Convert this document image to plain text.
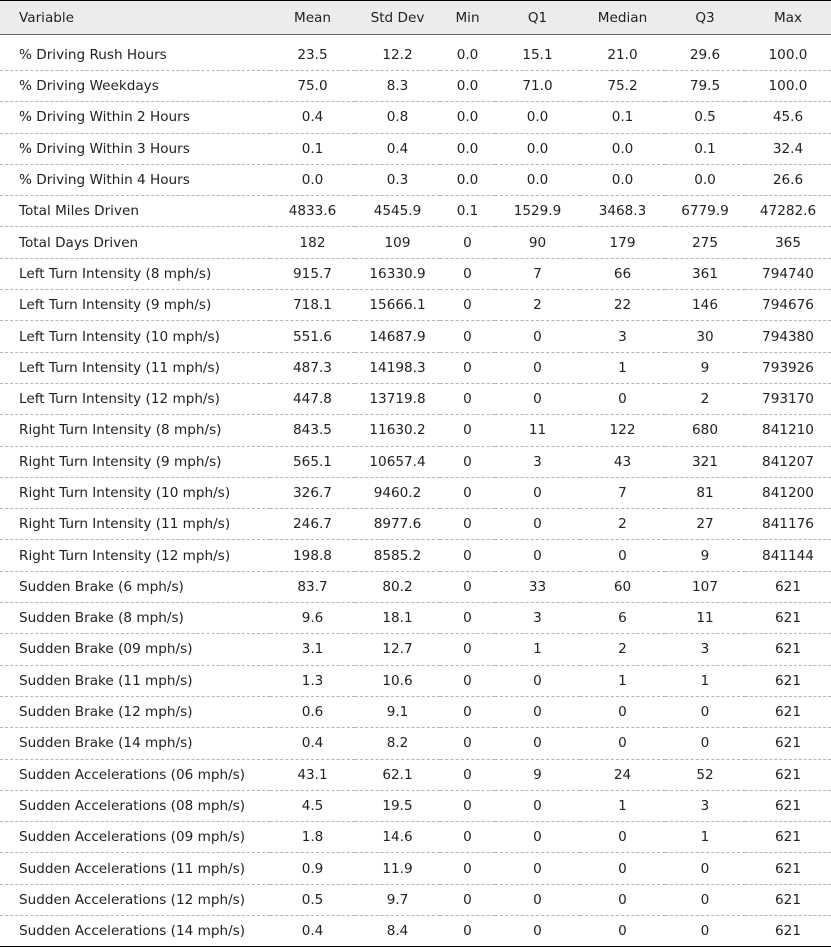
Variable	Mean	Std Dev	Min	Q1	Median	Q3	Max
% Driving Rush Hours	23.5	12.2	0.0	15.1	21.0	29.6	100.0
% Driving Weekdays	75.0	8.3	0.0	71.0	75.2	79.5	100.0
% Driving Within 2 Hours	0.4	0.8	0.0	0.0	0.1	0.5	45.6
% Driving Within 3 Hours	0.1	0.4	0.0	0.0	0.0	0.1	32.4
% Driving Within 4 Hours	0.0	0.3	0.0	0.0	0.0	0.0	26.6
Total Miles Driven	4833.6	4545.9	0.1	1529.9	3468.3	6779.9	47282.6
Total Days Driven	182	109	0	90	179	275	365
Left Turn Intensity (8 mph/s)	915.7	16330.9	0	7	66	361	794740
Left Turn Intensity (9 mph/s)	718.1	15666.1	0	2	22	146	794676
Left Turn Intensity (10 mph/s)	551.6	14687.9	0	0	3	30	794380
Left Turn Intensity (11 mph/s)	487.3	14198.3	0	0	1	9	793926
Left Turn Intensity (12 mph/s)	447.8	13719.8	0	0	0	2	793170
Right Turn Intensity (8 mph/s)	843.5	11630.2	0	11	122	680	841210
Right Turn Intensity (9 mph/s)	565.1	10657.4	0	3	43	321	841207
Right Turn Intensity (10 mph/s)	326.7	9460.2	0	0	7	81	841200
Right Turn Intensity (11 mph/s)	246.7	8977.6	0	0	2	27	841176
Right Turn Intensity (12 mph/s)	198.8	8585.2	0	0	0	9	841144
Sudden Brake (6 mph/s)	83.7	80.2	0	33	60	107	621
Sudden Brake (8 mph/s)	9.6	18.1	0	3	6	11	621
Sudden Brake (09 mph/s)	3.1	12.7	0	1	2	3	621
Sudden Brake (11 mph/s)	1.3	10.6	0	0	1	1	621
Sudden Brake (12 mph/s)	0.6	9.1	0	0	0	0	621
Sudden Brake (14 mph/s)	0.4	8.2	0	0	0	0	621
Sudden Accelerations (06 mph/s)	43.1	62.1	0	9	24	52	621
Sudden Accelerations (08 mph/s)	4.5	19.5	0	0	1	3	621
Sudden Accelerations (09 mph/s)	1.8	14.6	0	0	0	1	621
Sudden Accelerations (11 mph/s)	0.9	11.9	0	0	0	0	621
Sudden Accelerations (12 mph/s)	0.5	9.7	0	0	0	0	621
Sudden Accelerations (14 mph/s)	0.4	8.4	0	0	0	0	621
